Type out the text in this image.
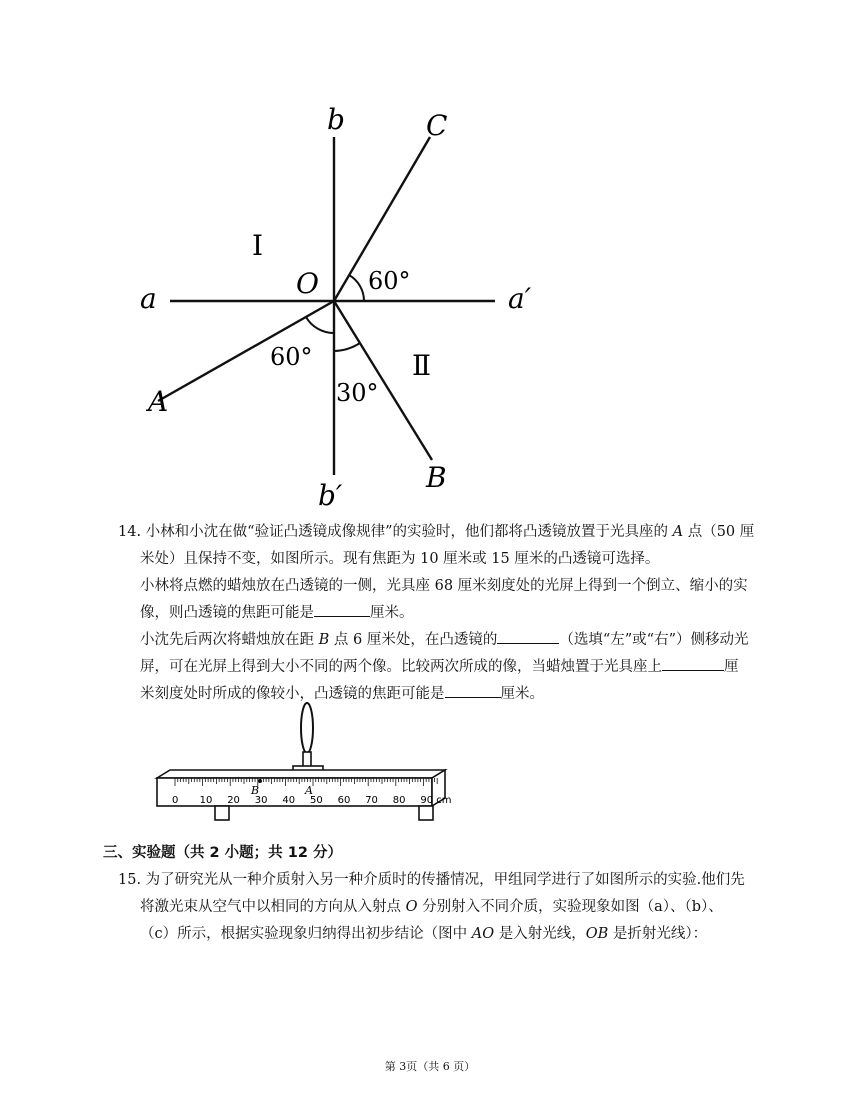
b
b′
C
a	a′
O
A
B
I
Ⅱ
60°
60°
30°

14. 小林和小沈在做“验证凸透镜成像规律”的实验时，他们都将凸透镜放置于光具座的 A 点（50 厘

米处）且保持不变，如图所示。现有焦距为 10 厘米或 15 厘米的凸透镜可选择。

小林将点燃的蜡烛放在凸透镜的一侧，光具座 68 厘米刻度处的光屏上得到一个倒立、缩小的实

像，则凸透镜的焦距可能是	厘米。

小沈先后两次将蜡烛放在距 B 点 6 厘米处，在凸透镜的	（选填“左”或“右”）侧移动光

屏，可在光屏上得到大小不同的两个像。比较两次所成的像，当蜡烛置于光具座上	厘

米刻度处时所成的像较小，凸透镜的焦距可能是	厘米。

0 10 20 30 40 50 60 70 80 90 cm
B	A
三、实验题（共 2 小题；共 12 分）

15. 为了研究光从一种介质射入另一种介质时的传播情况，甲组同学进行了如图所示的实验.他们先

将激光束从空气中以相同的方向从入射点 O 分别射入不同介质，实验现象如图（a）、（b）、

（c）所示，根据实验现象归纳得出初步结论（图中 AO 是入射光线，OB 是折射光线）：

第 3页（共 6 页）
